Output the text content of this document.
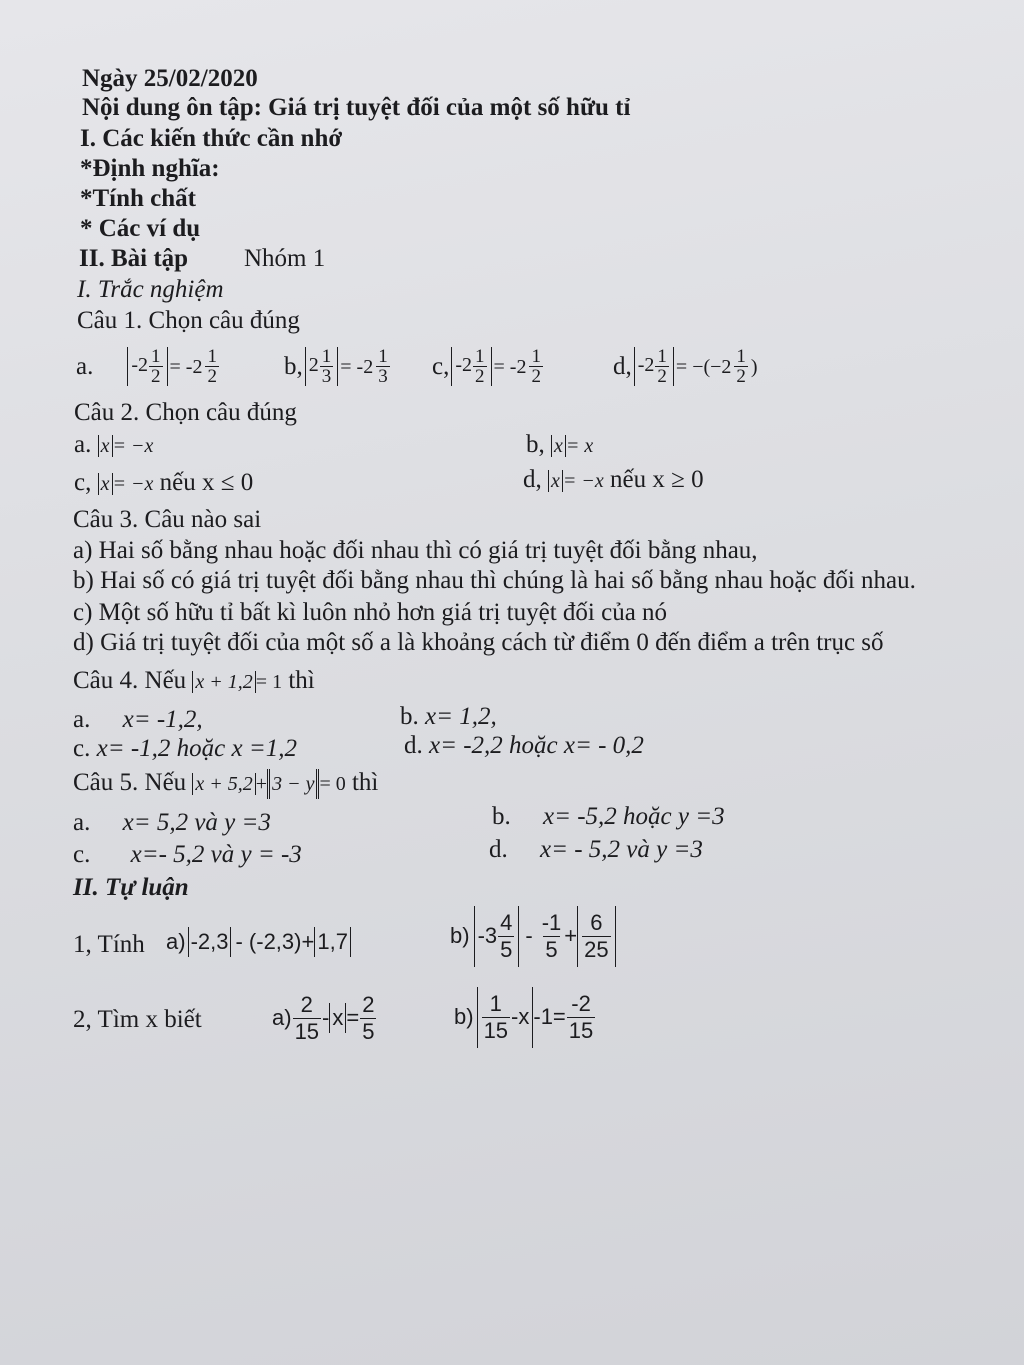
Ngày 25/02/2020
Nội dung ôn tập: Giá trị tuyệt đối của một số hữu tỉ
I. Các kiến thức cần nhớ
*Định nghĩa:
*Tính chất
* Các ví dụ
II. Bài tập Nhóm 1
I. Trắc nghiệm
Câu 1. Chọn câu đúng
a. $-2 \frac{1}{2} = -2 \frac{1}{2}$	b, $2 \frac{1}{3} = -2 \frac{1}{3} c$, $-2 \frac{1}{2} = -2 \frac{1}{2}$	d, $-2 \frac{1}{2} = -(-2 \frac{1}{2}$ )
Câu 2. Chọn câu đúng
a. x = −x	b, x = x
c, x = −x nếu x ≤ 0	d, x = −x nếu x ≥ 0
Câu 3. Câu nào sai
a) Hai số bằng nhau hoặc đối nhau thì có giá trị tuyệt đối bằng nhau,
b) Hai số có giá trị tuyệt đối bằng nhau thì chúng là hai số bằng nhau hoặc đối nhau.
c) Một số hữu tỉ bất kì luôn nhỏ hơn giá trị tuyệt đối của nó
d) Giá trị tuyệt đối của một số a là khoảng cách từ điểm 0 đến điểm a trên trục số
Câu 4. Nếu x + 1,2 = 1 thì
a. x= -1,2,	b. x= 1,2,
c. x= -1,2 hoặc x =1,2	d. x= -2,2 hoặc x= - 0,2
Câu 5. Nếu x + 5,2 + 3 − y = 0 thì
a. x= 5,2 và y =3	b. x= -5,2 hoặc y =3
c. x=- 5,2 và y = -3	d. x= - 5,2 và y =3
II. Tự luận
1, Tính a) -2,3 - (-2,3)+ 1,7	b) $-3 \frac{4}{5} - \frac{-1}{5} + \frac{6}{25}$
2, Tìm x biết	$a) \frac{2}{15} - x = \frac{2}{5}$	$b) \frac{1}{15} -x$ $-1= \frac{-2}{15}$
